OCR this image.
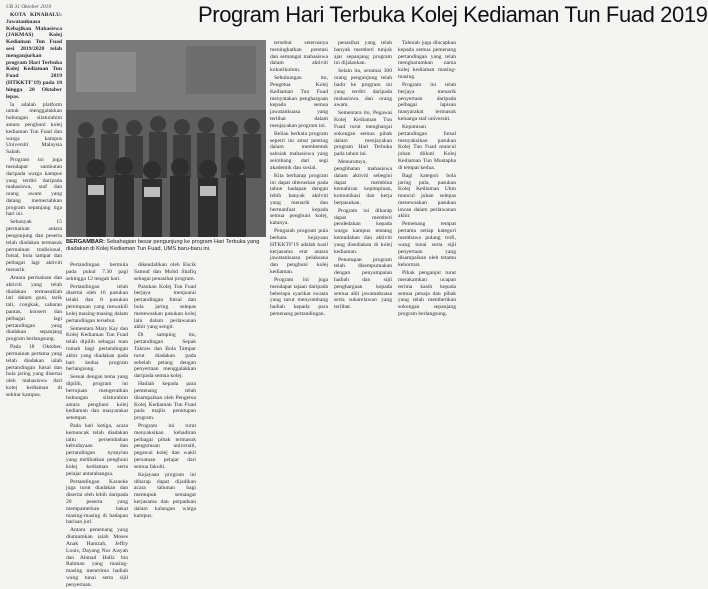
UB 31 Oktober 2019	Program Hari Terbuka Kolej Kediaman Tun Fuad 2019

KOTA KINABALU: Jawatankuasa Kebajikan Mahasiswa (JAKMAS) Kolej Kediaman Tun Fuad sesi 2019/2020 telah menganjurkan program Hari Terbuka Kolej Kediaman Tun Fuad 2019 (HTKKTF'19) pada 18 hingga 20 Oktober lepas.

Ia adalah platform untuk menggalakkan hubungan silaturahim antara penghuni kolej kediaman Tun Fuad dan warga kampus Universiti Malaysia Sabah.

Program ini juga mendapat sambutan daripada warga kampus yang terdiri daripada mahasiswa, staf dan orang awam yang datang memeriahkan program sepanjang tiga hari ini.

Sebanyak 15 permainan antara pengunjung dan peserta telah diadakan termasuk permainan tradisional, futsal, bola tampar dan pelbagai lagi aktiviti menarik.

Antara permainan dan aktiviti yang telah diadakan termasuklah lari dalam guni, tarik tali, congkak, cabaran pantas, konsert dan pelbagai lagi pertandingan yang diadakan sepanjang program berlangsung.

Pada 18 Oktober, permainan pertama yang telah diadakan ialah pertandingan futsal dan bola jaring yang disertai oleh mahasiswa dari kolej kediaman di sekitar kampus.

BERGAMBAR: Sebahagian besar pengunjung ke program Hari Terbuka yang diadakan di Kolej Kediaman Tun Fuad, UMS baru-baru ini.

Pertandingan bermula pada pukul 7.30 pagi sehingga 12 tengah hari.

Pertandingan telah disertai oleh 16 pasukan lelaki dan 8 pasukan perempuan yang mewakili kolej masing-masing dalam pertandingan tersebut.

Sementara Mary Kay dan Kolej Kediaman Tun Fuad telah dipilih sebagai tuan rumah bagi pertandingan akhir yang diadakan pada hari kedua program berlangsung.

Sesuai dengan tema yang dipilih, program ini bertujuan mengeratkan hubungan silaturahim antara penghuni kolej kediaman dan masyarakat setempat.

Pada hari ketiga, acara kemuncak telah diadakan iaitu persembahan kebudayaan dan pertandingan nyanyian yang melibatkan penghuni kolej kediaman serta pelajar antarabangsa.

Pertandingan Karaoke juga turut diadakan dan disertai oleh lebih daripada 20 peserta yang mempamerkan bakat masing-masing di hadapan barisan juri.

Antara pemenang yang diumumkan ialah Moses Anak Hamzah, Jeffry Louis, Dayang Nur Aisyah dan Ahmad Hafiz bin Rahman yang masing-masing menerima hadiah wang tunai serta sijil penyertaan.

dikendalikan oleh Encik Samud dan Mohd Shafiq sebagai penasihat program.

Pasukan Kolej Tun Fuad berjaya menjuarai pertandingan futsal dan bola jaring selepas menewaskan pasukan kolej lain dalam perlawanan akhir yang sengit.

Di samping itu, pertandingan Sepak Takraw dan Bola Tampar turut diadakan pada sebelah petang dengan penyertaan menggalakkan daripada semua kolej.

Hadiah kepada para pemenang telah disampaikan oleh Pengetua Kolej Kediaman Tun Fuad pada majlis penutupan program.

Program ini turut menyaksikan kehadiran pelbagai pihak termasuk pengurusan universiti, pegawai kolej dan wakil persatuan pelajar dari semua fakulti.

Kejayaan program ini diharap dapat dijadikan acara tahunan bagi memupuk semangat kerjasama dan perpaduan dalam kalangan warga kampus.

tersebut seterusnya meningkatkan prestasi dan semangat mahasiswa dalam aktiviti kokurikulum.

Sehubungan itu, Pengetua Kolej Kediaman Tun Fuad menyatakan penghargaan kepada semua jawatankuasa yang terlibat dalam menjayakan program ini.

Beliau berkata program seperti ini amat penting dalam membentuk sahsiah mahasiswa yang seimbang dari segi akademik dan sosial.

Kita berharap program ini dapat diteruskan pada tahun hadapan dengan lebih banyak aktiviti yang menarik dan bermanfaat kepada semua penghuni kolej, katanya.

Pengarah program pula berkata kejayaan HTKKTF'19 adalah hasil kerjasama erat antara jawatankuasa pelaksana dan penghuni kolej kediaman.

Program ini juga mendapat tajaan daripada beberapa syarikat swasta yang turut menyumbang hadiah kepada para pemenang pertandingan.

penasihat yang telah banyak memberi tunjuk ajar sepanjang program ini dijalankan.

Selain itu, seramai 300 orang pengunjung telah hadir ke program ini yang terdiri daripada mahasiswa dan orang awam.

Sementara itu, Pegawai Kolej Kediaman Tun Fuad turut menghargai sokongan semua pihak dalam menjayakan program Hari Terbuka pada tahun ini.

Menurutnya, penglibatan mahasiswa dalam aktiviti sebegini dapat membina kemahiran kepimpinan, komunikasi dan kerja berpasukan.

Program ini diharap dapat memberi pendedahan kepada warga kampus tentang kemudahan dan aktiviti yang disediakan di kolej kediaman.

Penutupan program telah disempurnakan dengan penyampaian hadiah dan sijil penghargaan kepada semua ahli jawatankuasa serta sukarelawan yang terlibat.

Tahniah juga diucapkan kepada semua pemenang pertandingan yang telah mengharumkan nama kolej kediaman masing-masing.

Program ini telah berjaya menarik penyertaan daripada pelbagai lapisan masyarakat termasuk keluarga staf universiti.

Keputusan pertandingan futsal menyaksikan pasukan Kolej Tun Fuad muncul johan diikuti Kolej Kediaman Tun Mustapha di tempat kedua.

Bagi kategori bola jaring pula, pasukan Kolej Kediaman Ukm muncul johan selepas menewaskan pasukan lawan dalam perlawanan akhir.

Pemenang tempat pertama setiap kategori membawa pulang trofi, wang tunai serta sijil penyertaan yang disampaikan oleh tetamu kehormat.

Pihak penganjur turut merakamkan ucapan terima kasih kepada semua penaja dan pihak yang telah memberikan sokongan sepanjang program berlangsung.
